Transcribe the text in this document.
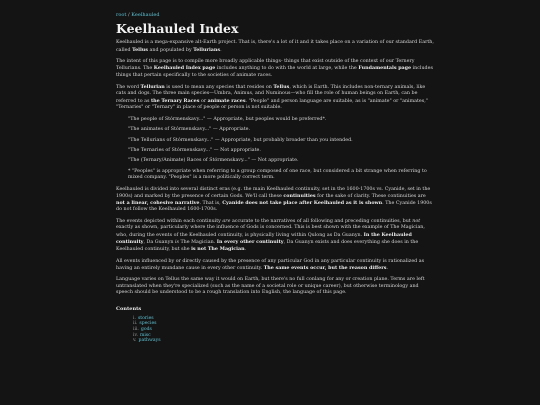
root / Keelhauled
Keelhauled Index

Keelhauled is a mega-expansive alt-Earth project. That is, there's a lot of it and it takes place on a variation of our standard Earth, called Tellus and populated by Tellurians.

The intent of this page is to compile more broadly applicable things- things that exist outside of the context of our Ternery Tellurians. The Keelhauled Index page includes anything to do with the world at large, while the Fundamentals page includes things that pertain specifically to the societies of animate races.

The word Tellurian is used to mean any species that resides on Tellus, which is Earth. This includes non-ternary animals, like cats and dogs. The three main species—Umbra, Animus, and Numinous—who fill the role of human beings on Earth, can be referred to as the Ternary Races or animate races. "People" and person language are suitable, as is "animate" or "animates," "Ternaries" or "Ternary" in place of people or person is not suitable.

"The people of Stórmenskavy..." — Appropriate, but peoples would be preferred*.

"The animates of Stórmenskavy..." — Appropriate.

"The Tellurians of Stórmenskavy..." — Appropriate, but probably broader than you intended.

"The Ternaries of Stórmenskavy..." — Not appropriate.

"The (Ternary/Animate) Races of Stórmenskavy..." — Not appropriate.

* "Peoples" is appropriate when referring to a group composed of one race, but considered a bit strange when referring to mixed company. "Peoples" is a more politically correct term.

Keelhauled is divided into several distinct eras (e.g. the main Keelhauled continuity, set in the 1600-1700s vs. Cyanide, set in the 1900s) and marked by the presence of certain Gods. We'll call these continuities for the sake of clarity. These continuities are not a linear, cohesive narrative. That is, Cyanide does not take place after Keelhauled as it is shown. The Cyanide 1900s do not follow the Keelhauled 1600-1700s.

The events depicted within each continuity are accurate to the narratives of all following and preceding continuities, but not exactly as shown, particularly where the influence of Gods is concerned. This is best shown with the example of The Magician, who, during the events of the Keelhauled continuity, is physically living within Qulong as Da Guanyn. In the Keelhauled continuity, Da Guanyn is The Magician. In every other continuity, Da Guanyn exists and does everything she does in the Keelhauled continuity, but she is not The Magician.

All events influenced by or directly caused by the presence of any particular God in any particular continuity is rationalized as having an entirely mundane cause in every other continuity. The same events occur, but the reason differs.

Language varies on Tellus the same way it would on Earth, but there's no full conlang for any or creation plane. Terms are left untranslated when they're specialized (such as the name of a societal role or unique career), but otherwise terminology and speech should be understood to be a rough translation into English, the language of this page.

Contents
i. stories
ii. species
iii. gods
iv. misc
v. pathways
